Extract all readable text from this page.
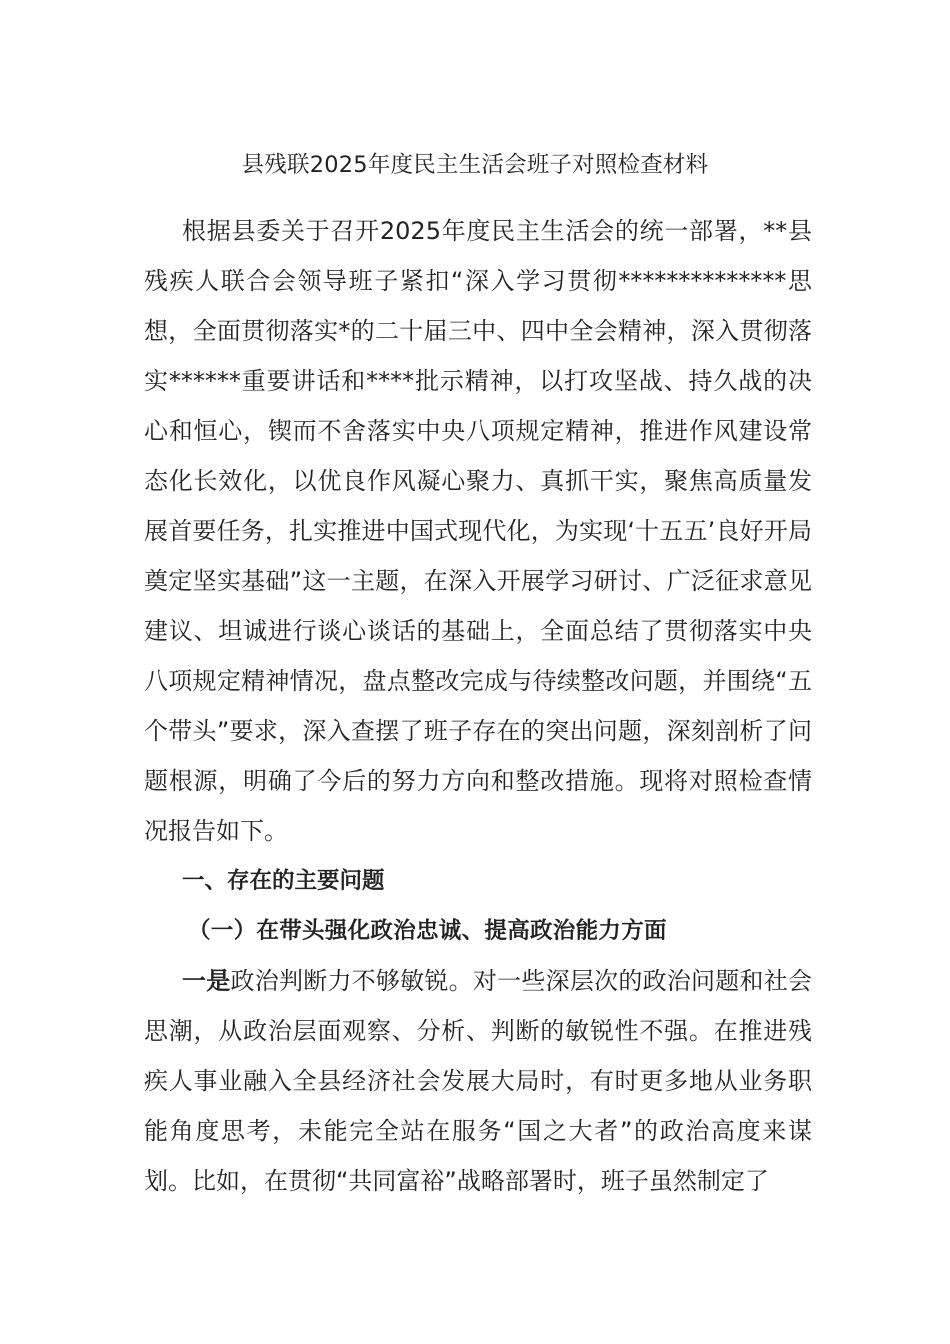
县残联2025年度民主生活会班子对照检查材料

根据县委关于召开2025年度民主生活会的统一部署，**县残疾人联合会领导班子紧扣“深入学习贯彻**************思想，全面贯彻落实*的二十届三中、四中全会精神，深入贯彻落实******重要讲话和****批示精神，以打攻坚战、持久战的决心和恒心，锲而不舍落实中央八项规定精神，推进作风建设常态化长效化，以优良作风凝心聚力、真抓干实，聚焦高质量发展首要任务，扎实推进中国式现代化，为实现‘十五五’良好开局奠定坚实基础”这一主题，在深入开展学习研讨、广泛征求意见建议、坦诚进行谈心谈话的基础上，全面总结了贯彻落实中央八项规定精神情况，盘点整改完成与待续整改问题，并围绕“五个带头”要求，深入查摆了班子存在的突出问题，深刻剖析了问题根源，明确了今后的努力方向和整改措施。现将对照检查情况报告如下。

一、存在的主要问题

（一）在带头强化政治忠诚、提高政治能力方面

一是政治判断力不够敏锐。对一些深层次的政治问题和社会思潮，从政治层面观察、分析、判断的敏锐性不强。在推进残疾人事业融入全县经济社会发展大局时，有时更多地从业务职能角度思考，未能完全站在服务“国之大者”的政治高度来谋划。比如，在贯彻“共同富裕”战略部署时，班子虽然制定了
